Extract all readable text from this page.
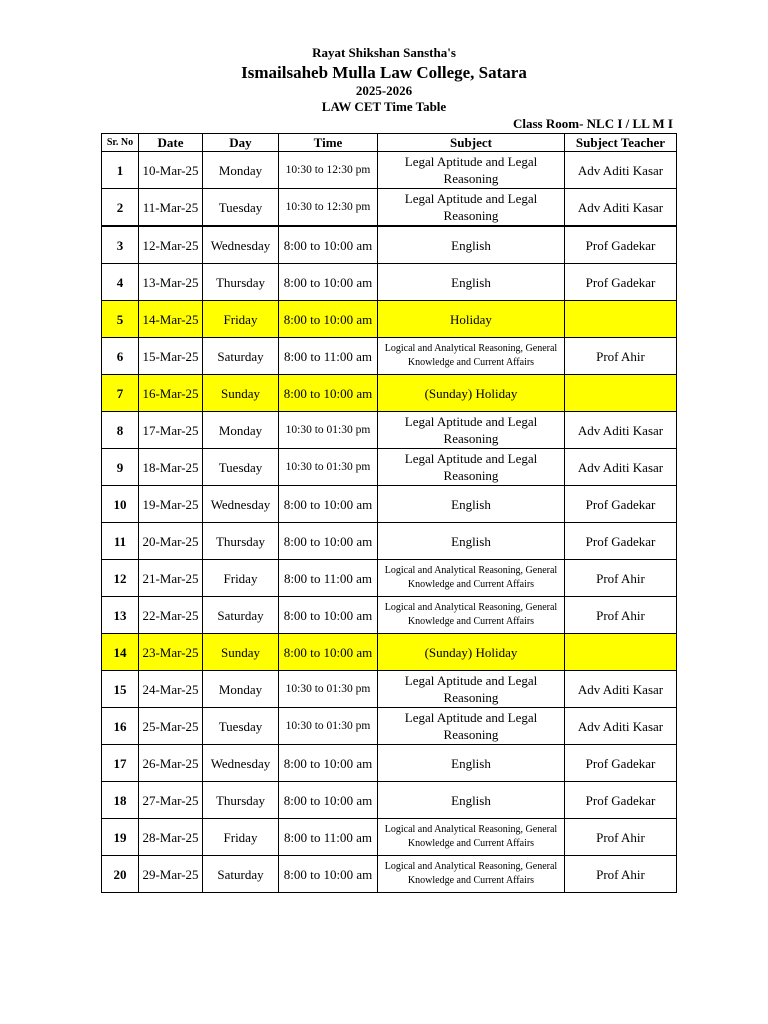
Rayat Shikshan Sanstha's

Ismailsaheb Mulla Law College, Satara

2025-2026

LAW CET Time Table

Class Room- NLC I / LL M I

Sr. No	Date	Day	Time	Subject	Subject Teacher
1	10-Mar-25	Monday	10:30 to 12:30 pm	Legal Aptitude and Legal Reasoning	Adv Aditi Kasar
2	11-Mar-25	Tuesday	10:30 to 12:30 pm	Legal Aptitude and Legal Reasoning	Adv Aditi Kasar
3	12-Mar-25	Wednesday	8:00 to 10:00 am	English	Prof Gadekar
4	13-Mar-25	Thursday	8:00 to 10:00 am	English	Prof Gadekar
5	14-Mar-25	Friday	8:00 to 10:00 am	Holiday	
6	15-Mar-25	Saturday	8:00 to 11:00 am	Logical and Analytical Reasoning, General Knowledge and Current Affairs	Prof Ahir
7	16-Mar-25	Sunday	8:00 to 10:00 am	(Sunday) Holiday	
8	17-Mar-25	Monday	10:30 to 01:30 pm	Legal Aptitude and Legal Reasoning	Adv Aditi Kasar
9	18-Mar-25	Tuesday	10:30 to 01:30 pm	Legal Aptitude and Legal Reasoning	Adv Aditi Kasar
10	19-Mar-25	Wednesday	8:00 to 10:00 am	English	Prof Gadekar
11	20-Mar-25	Thursday	8:00 to 10:00 am	English	Prof Gadekar
12	21-Mar-25	Friday	8:00 to 11:00 am	Logical and Analytical Reasoning, General Knowledge and Current Affairs	Prof Ahir
13	22-Mar-25	Saturday	8:00 to 10:00 am	Logical and Analytical Reasoning, General Knowledge and Current Affairs	Prof Ahir
14	23-Mar-25	Sunday	8:00 to 10:00 am	(Sunday) Holiday	
15	24-Mar-25	Monday	10:30 to 01:30 pm	Legal Aptitude and Legal Reasoning	Adv Aditi Kasar
16	25-Mar-25	Tuesday	10:30 to 01:30 pm	Legal Aptitude and Legal Reasoning	Adv Aditi Kasar
17	26-Mar-25	Wednesday	8:00 to 10:00 am	English	Prof Gadekar
18	27-Mar-25	Thursday	8:00 to 10:00 am	English	Prof Gadekar
19	28-Mar-25	Friday	8:00 to 11:00 am	Logical and Analytical Reasoning, General Knowledge and Current Affairs	Prof Ahir
20	29-Mar-25	Saturday	8:00 to 10:00 am	Logical and Analytical Reasoning, General Knowledge and Current Affairs	Prof Ahir
